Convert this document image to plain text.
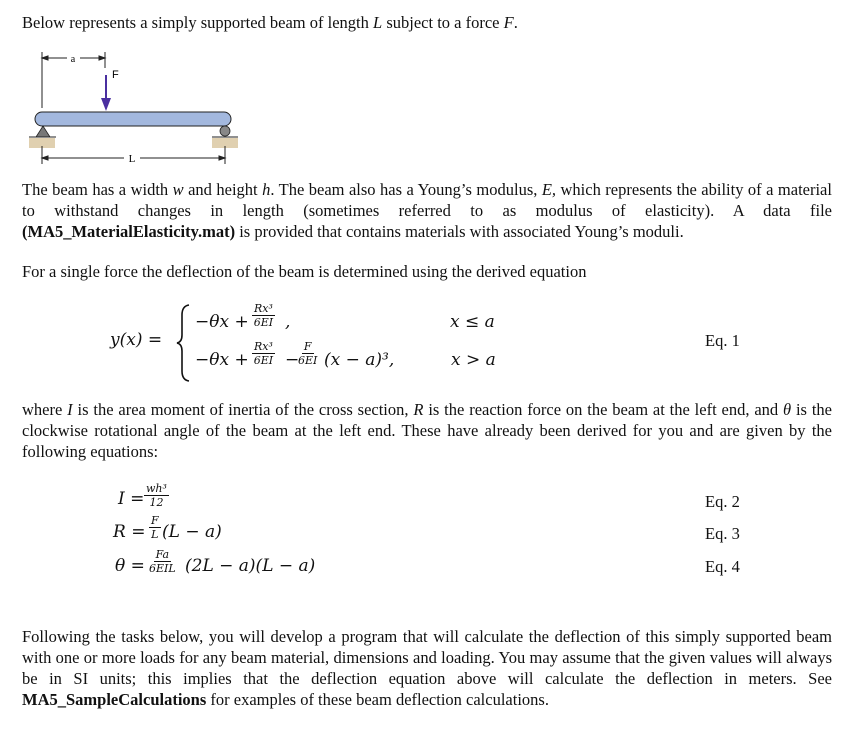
Below represents a simply supported beam of length L subject to a force F.
a
F
L
The beam has a width w and height h. The beam also has a Young’s modulus, E, which represents the ability of a material to withstand changes in length (sometimes referred to as modulus of elasticity). A data file (MA5_MaterialElasticity.mat) is provided that contains materials with associated Young’s moduli.
For a single force the deflection of the beam is determined using the derived equation
y(x) =
$-\theta x + \frac{\text{Rx³}}{6EI}$ ,	x ≤ a
$-\theta x + \frac{\text{Rx³}}{6EI}$ −
$\frac{F}{6EI} (x - a)^3$,	x > a
Eq. 1
where I is the area moment of inertia of the cross section, R is the reaction force on the beam at the left end, and θ is the clockwise rotational angle of the beam at the left end. These have already been derived for you and are given by the following equations:
$I = \frac{\text{wh³}}{12}$	Eq. 2
$R = \frac{F}{L} (L - a)$	Eq. 3
θ =
Fa
6EIL (2L − a)(L − a)	Eq. 4
Following the tasks below, you will develop a program that will calculate the deflection of this simply supported beam with one or more loads for any beam material, dimensions and loading. You may assume that the given values will always be in SI units; this implies that the deflection equation above will calculate the deflection in meters. See MA5_SampleCalculations for examples of these beam deflection calculations.
